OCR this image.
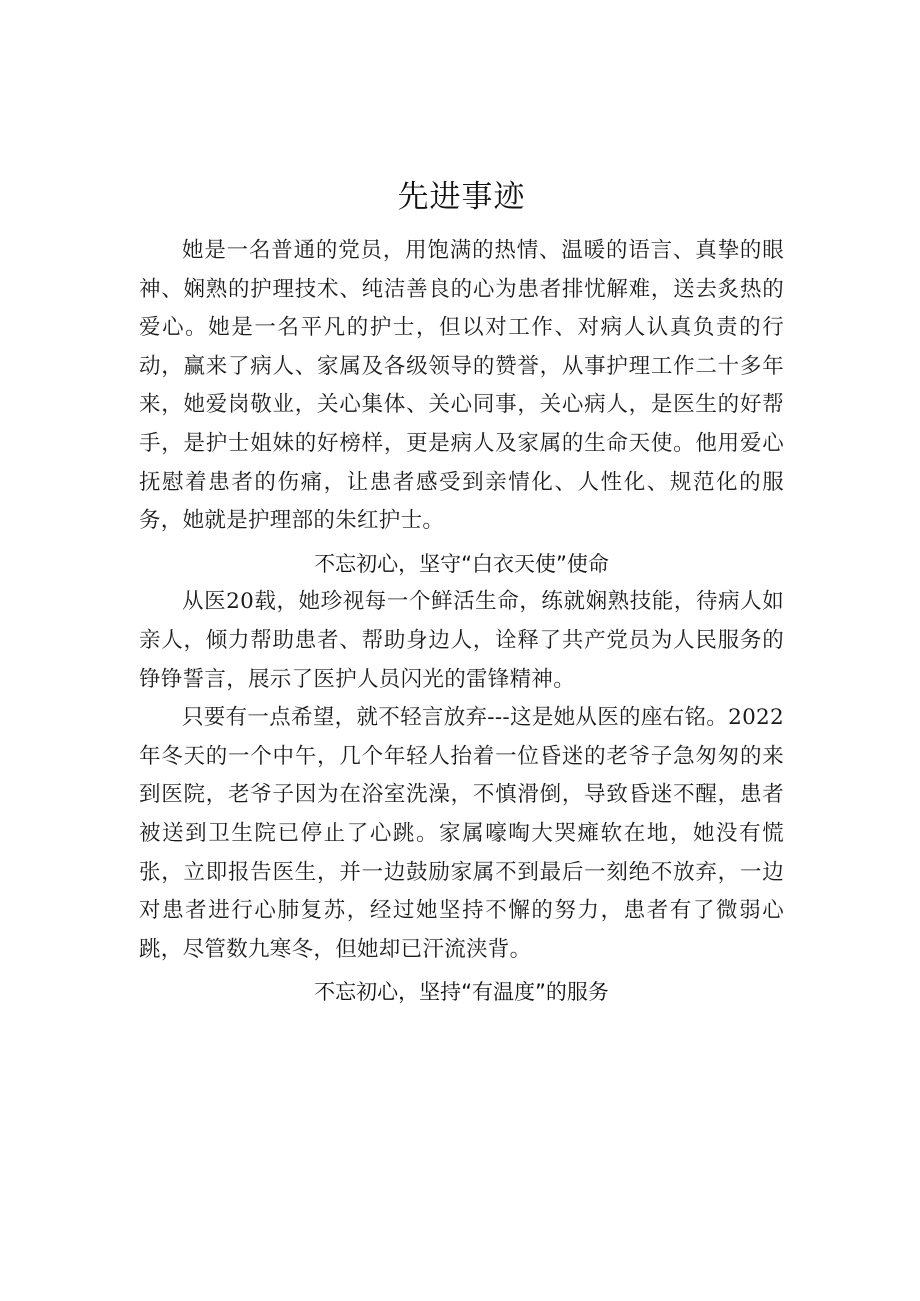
先进事迹

她是一名普通的党员，用饱满的热情、温暖的语言、真挚的眼神、娴熟的护理技术、纯洁善良的心为患者排忧解难，送去炙热的爱心。她是一名平凡的护士，但以对工作、对病人认真负责的行动，赢来了病人、家属及各级领导的赞誉，从事护理工作二十多年来，她爱岗敬业，关心集体、关心同事，关心病人，是医生的好帮手，是护士姐妹的好榜样，更是病人及家属的生命天使。他用爱心抚慰着患者的伤痛，让患者感受到亲情化、人性化、规范化的服务，她就是护理部的朱红护士。

不忘初心，坚守“白衣天使”使命

从医20载，她珍视每一个鲜活生命，练就娴熟技能，待病人如亲人，倾力帮助患者、帮助身边人，诠释了共产党员为人民服务的铮铮誓言，展示了医护人员闪光的雷锋精神。

只要有一点希望，就不轻言放弃---这是她从医的座右铭。2022年冬天的一个中午，几个年轻人抬着一位昏迷的老爷子急匆匆的来到医院，老爷子因为在浴室洗澡，不慎滑倒，导致昏迷不醒，患者被送到卫生院已停止了心跳。家属嚎啕大哭瘫软在地，她没有慌张，立即报告医生，并一边鼓励家属不到最后一刻绝不放弃，一边对患者进行心肺复苏，经过她坚持不懈的努力，患者有了微弱心跳，尽管数九寒冬，但她却已汗流浃背。

不忘初心，坚持“有温度”的服务
